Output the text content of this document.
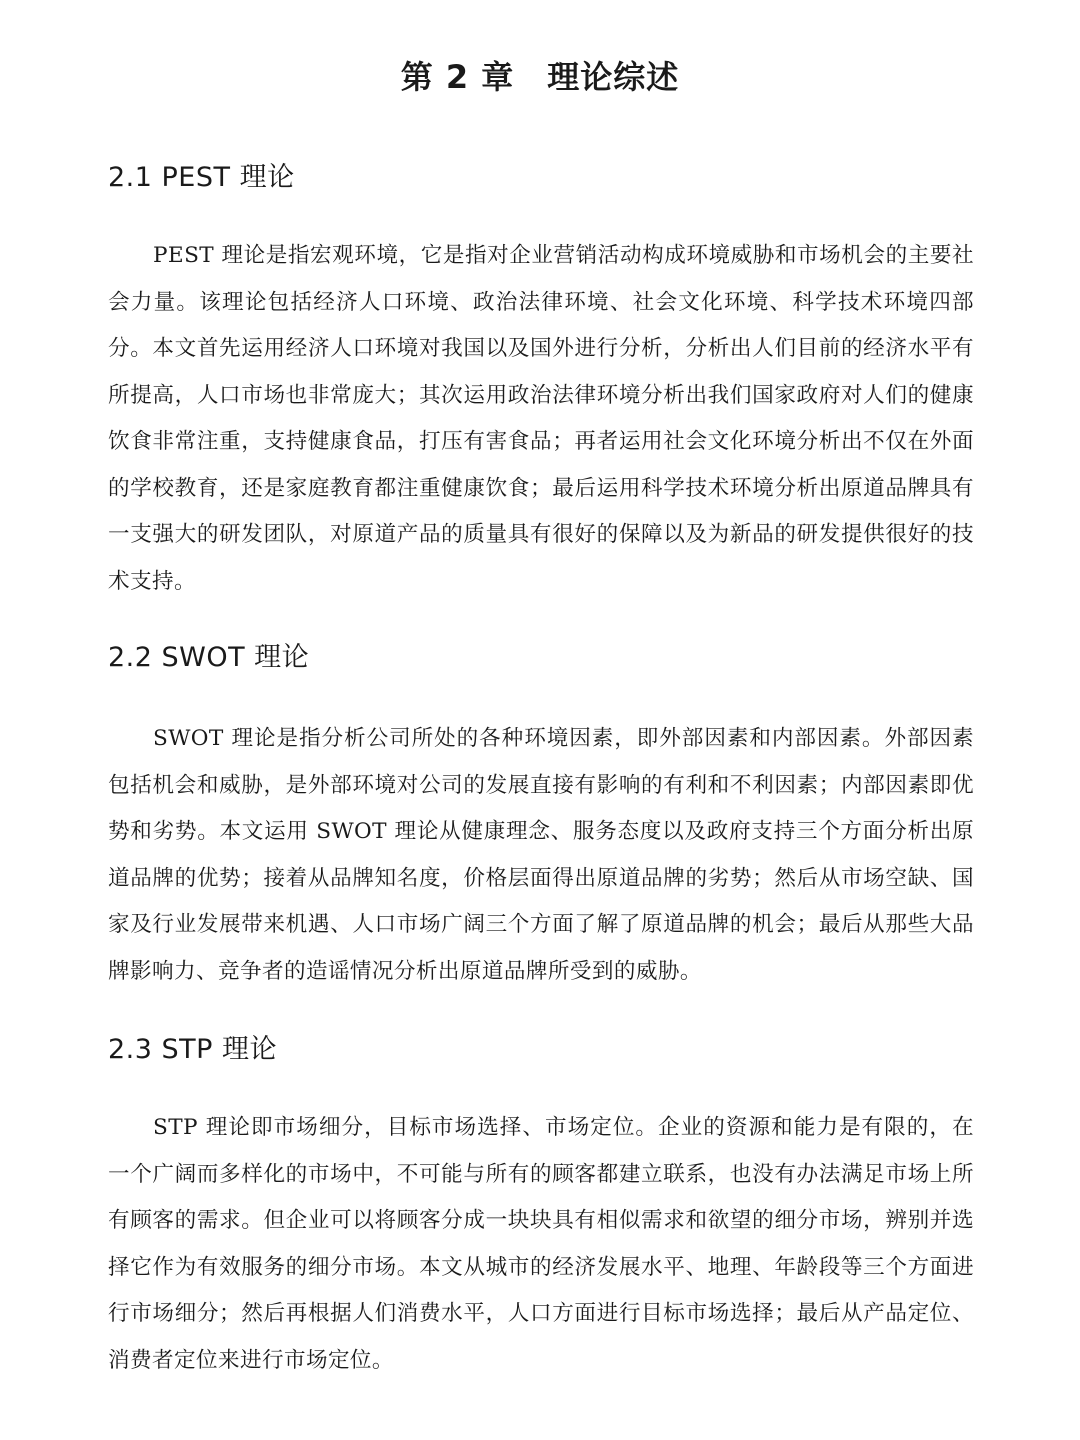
第 2 章　理论综述
2.1 PEST 理论

PEST 理论是指宏观环境，它是指对企业营销活动构成环境威胁和市场机会的主要社会力量。该理论包括经济人口环境、政治法律环境、社会文化环境、科学技术环境四部分。本文首先运用经济人口环境对我国以及国外进行分析，分析出人们目前的经济水平有所提高，人口市场也非常庞大；其次运用政治法律环境分析出我们国家政府对人们的健康饮食非常注重，支持健康食品，打压有害食品；再者运用社会文化环境分析出不仅在外面的学校教育，还是家庭教育都注重健康饮食；最后运用科学技术环境分析出原道品牌具有一支强大的研发团队，对原道产品的质量具有很好的保障以及为新品的研发提供很好的技术支持。

2.2 SWOT 理论

SWOT 理论是指分析公司所处的各种环境因素，即外部因素和内部因素。外部因素包括机会和威胁，是外部环境对公司的发展直接有影响的有利和不利因素；内部因素即优势和劣势。本文运用 SWOT 理论从健康理念、服务态度以及政府支持三个方面分析出原道品牌的优势；接着从品牌知名度，价格层面得出原道品牌的劣势；然后从市场空缺、国家及行业发展带来机遇、人口市场广阔三个方面了解了原道品牌的机会；最后从那些大品牌影响力、竞争者的造谣情况分析出原道品牌所受到的威胁。

2.3 STP 理论

STP 理论即市场细分，目标市场选择、市场定位。企业的资源和能力是有限的，在一个广阔而多样化的市场中，不可能与所有的顾客都建立联系，也没有办法满足市场上所有顾客的需求。但企业可以将顾客分成一块块具有相似需求和欲望的细分市场，辨别并选择它作为有效服务的细分市场。本文从城市的经济发展水平、地理、年龄段等三个方面进行市场细分；然后再根据人们消费水平，人口方面进行目标市场选择；最后从产品定位、消费者定位来进行市场定位。
